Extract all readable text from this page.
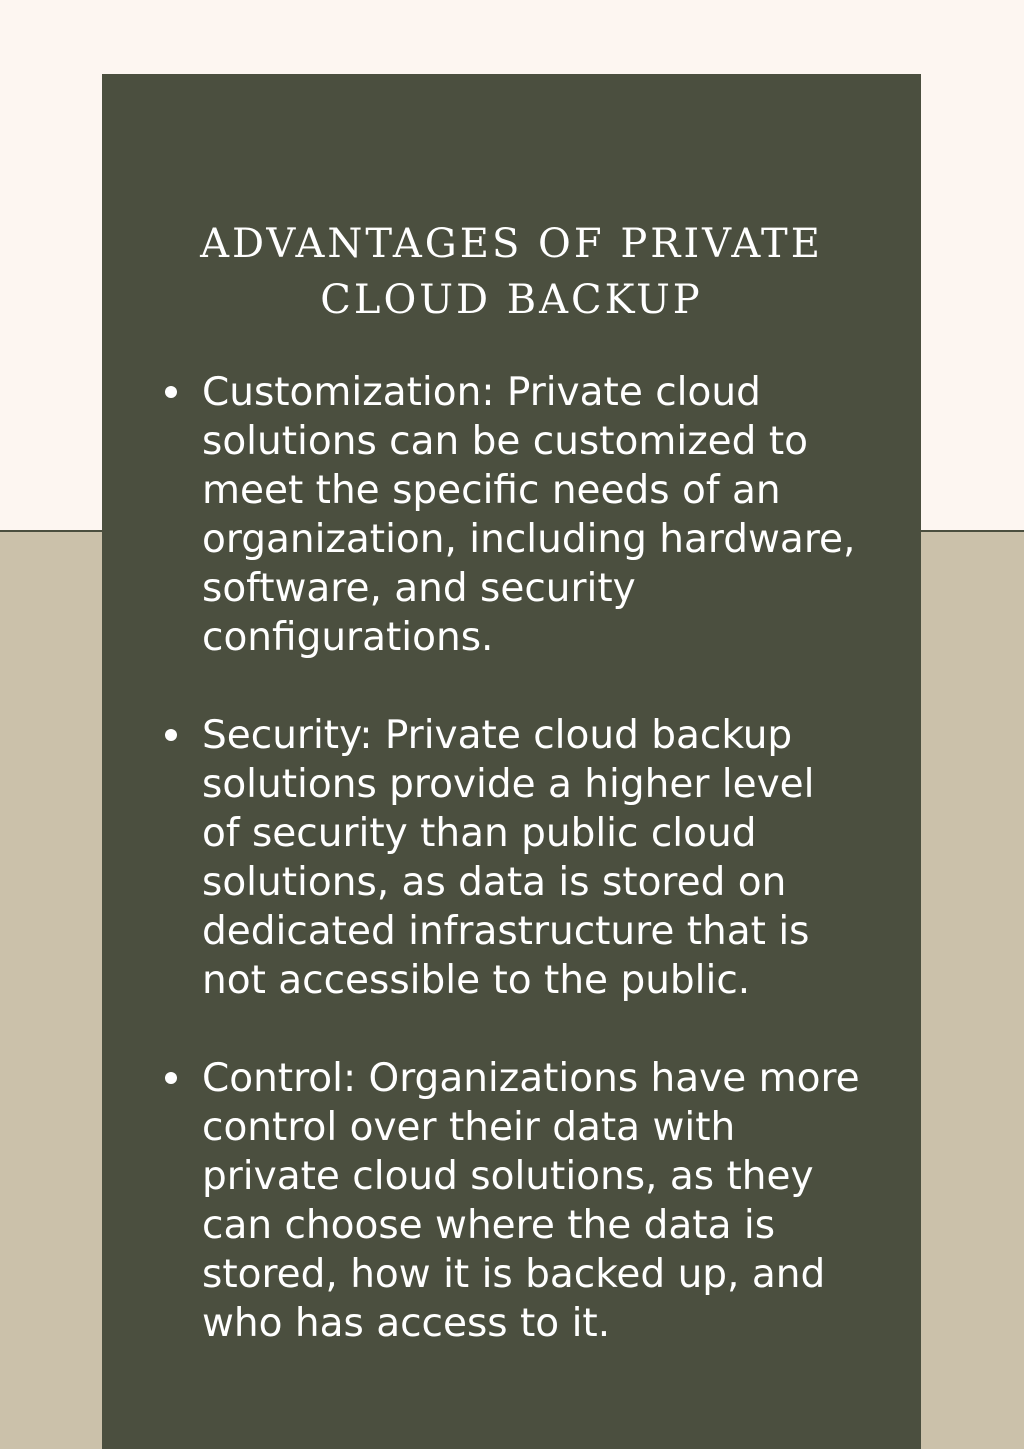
ADVANTAGES OF PRIVATE
CLOUD BACKUP
Customization: Private cloud solutions can be customized to meet the specific needs of an organization, including hardware, software, and security configurations.
Security: Private cloud backup solutions provide a higher level of security than public cloud solutions, as data is stored on dedicated infrastructure that is not accessible to the public.
Control: Organizations have more control over their data with private cloud solutions, as they can choose where the data is stored, how it is backed up, and who has access to it.
